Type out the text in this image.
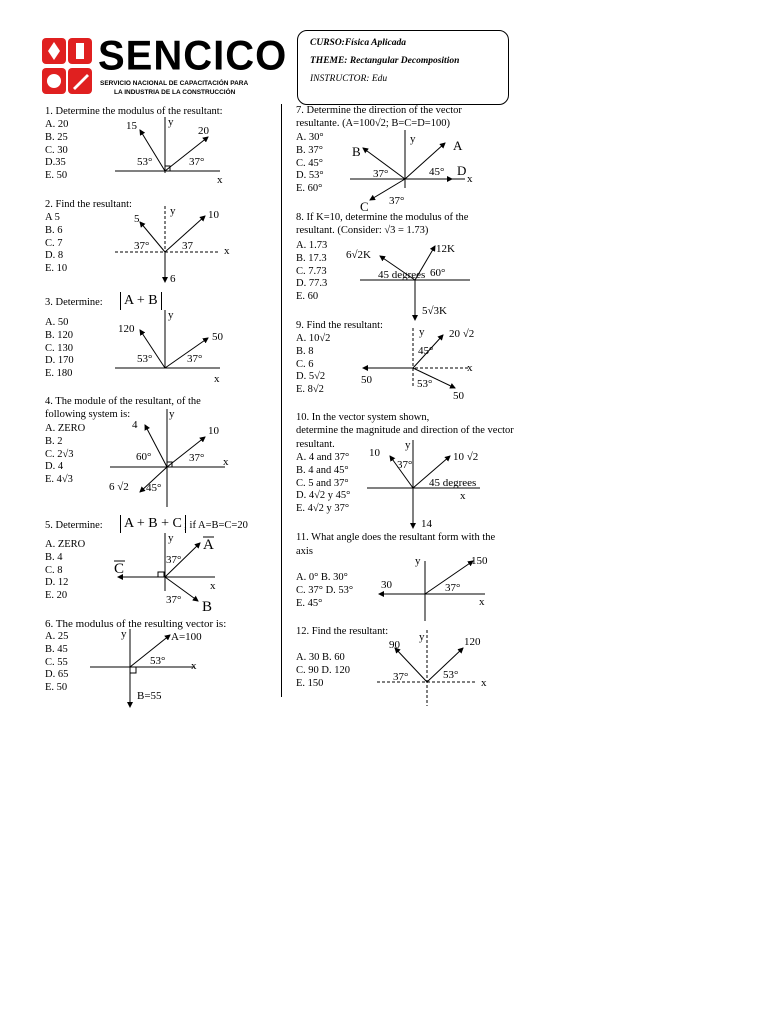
SENCICO
SERVICIO NACIONAL DE CAPACITACIÓN PARA
LA INDUSTRIA DE LA CONSTRUCCIÓN
CURSO:Física Aplicada
THEME: Rectangular Decomposition
INSTRUCTOR: Edu
1. Determine the modulus of the resultant:
A. 20
B. 25
C. 30
D.35
E. 50
15	20
53°	37°
y
x
2. Find the resultant:
A 5
B. 6
C. 7
D. 8
E. 10
5	10
37°	37
6
y
x
3. Determine: A + B
A. 50
B. 120
C. 130
D. 170
E. 180
120
50
53°	37°
y
x
4. The module of the resultant, of the following system is:
A. ZERO
B. 2
C. 2√3
D. 4
E. 4√3
4	10
60°	37°
6 √2 45°
y
x
5. Determine: A + B + C ; if A=B=C=20
A. ZERO
B. 4
C. 8
D. 12
E. 20
A
C
B
37°
37°
y
x
6. The modulus of the resulting vector is:
A. 25
B. 45
C. 55
D. 65
E. 50
A=100
53°
B=55
y
x
7. Determine the direction of the vector
resultante. (A=100√2; B=C=D=100)
A. 30°
B. 37°
C. 45°
D. 53°
E. 60°
A
B
D
C
37°	45°
37°
y
x
8. If K=10, determine the modulus of the
resultant. (Consider: √3 = 1.73)
A. 1.73
B. 17.3
C. 7.73
D. 77.3
E. 60
6√2K	12K
45 degrees 60°
5√3K
9. Find the resultant:
A. 10√2
B. 8
C. 6
D. 5√2
E. 8√2
20 √2
45°
50	53°
50
y
x
10. In the vector system shown,
determine the magnitude and direction of the vector
resultant.
A. 4 and 37°
B. 4 and 45°
C. 5 and 37°
D. 4√2 y 45°
E. 4√2 y 37°
10
37°
10 √2
45 degrees
14
y
x
11. What angle does the resultant form with the
axis
A. 0° B. 30°
C. 37° D. 53°
E. 45°
150
30	37°
y
x
12. Find the resultant:
A. 30 B. 60
C. 90 D. 120
E. 150
90	120
37°	53°
y
x
